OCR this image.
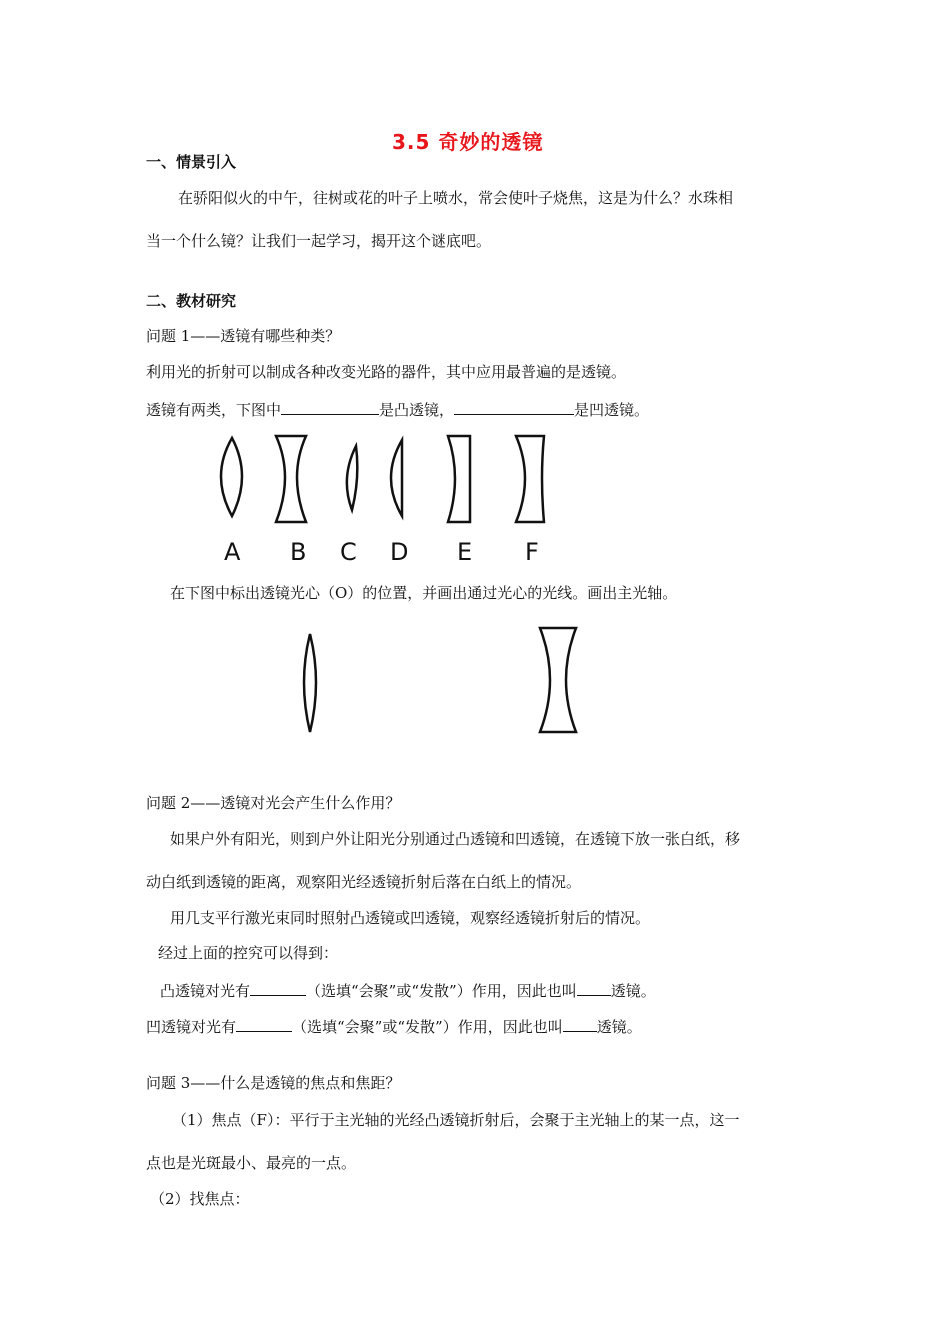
3.5 奇妙的透镜
一、情景引入
在骄阳似火的中午，往树或花的叶子上喷水，常会使叶子烧焦，这是为什么？水珠相
当一个什么镜？让我们一起学习，揭开这个谜底吧。
二、教材研究
问题 1——透镜有哪些种类？
利用光的折射可以制成各种改变光路的器件，其中应用最普遍的是透镜。
透镜有两类，下图中	是凸透镜，	是凹透镜。
A B C D E F
在下图中标出透镜光心（O）的位置，并画出通过光心的光线。画出主光轴。
问题 2——透镜对光会产生什么作用？
如果户外有阳光，则到户外让阳光分别通过凸透镜和凹透镜，在透镜下放一张白纸，移
动白纸到透镜的距离，观察阳光经透镜折射后落在白纸上的情况。
用几支平行激光束同时照射凸透镜或凹透镜，观察经透镜折射后的情况。
经过上面的控究可以得到：
凸透镜对光有	（选填“会聚”或“发散”）作用，因此也叫 透镜。
凹透镜对光有	（选填“会聚”或“发散”）作用，因此也叫 透镜。
问题 3——什么是透镜的焦点和焦距？
（1）焦点（F）：平行于主光轴的光经凸透镜折射后，会聚于主光轴上的某一点，这一
点也是光斑最小、最亮的一点。
（2）找焦点：
